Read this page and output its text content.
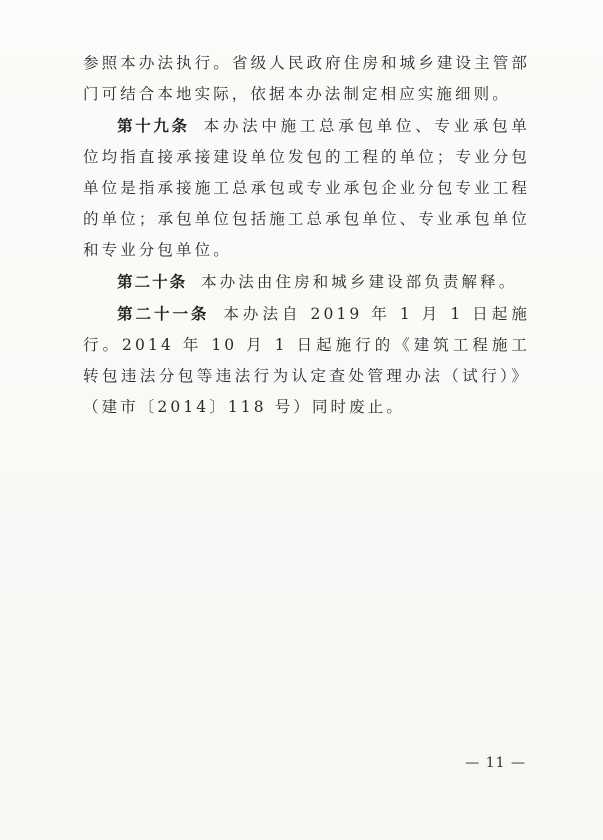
参照本办法执行。省级人民政府住房和城乡建设主管部门可结合本地实际，依据本办法制定相应实施细则。

第十九条 本办法中施工总承包单位、专业承包单位均指直接承接建设单位发包的工程的单位；专业分包单位是指承接施工总承包或专业承包企业分包专业工程的单位；承包单位包括施工总承包单位、专业承包单位和专业分包单位。

第二十条 本办法由住房和城乡建设部负责解释。

第二十一条 本办法自 2019 年 1 月 1 日起施行。2014 年 10 月 1 日起施行的《建筑工程施工转包违法分包等违法行为认定查处管理办法（试行）》（建市〔2014〕118 号）同时废止。

— 11 —
